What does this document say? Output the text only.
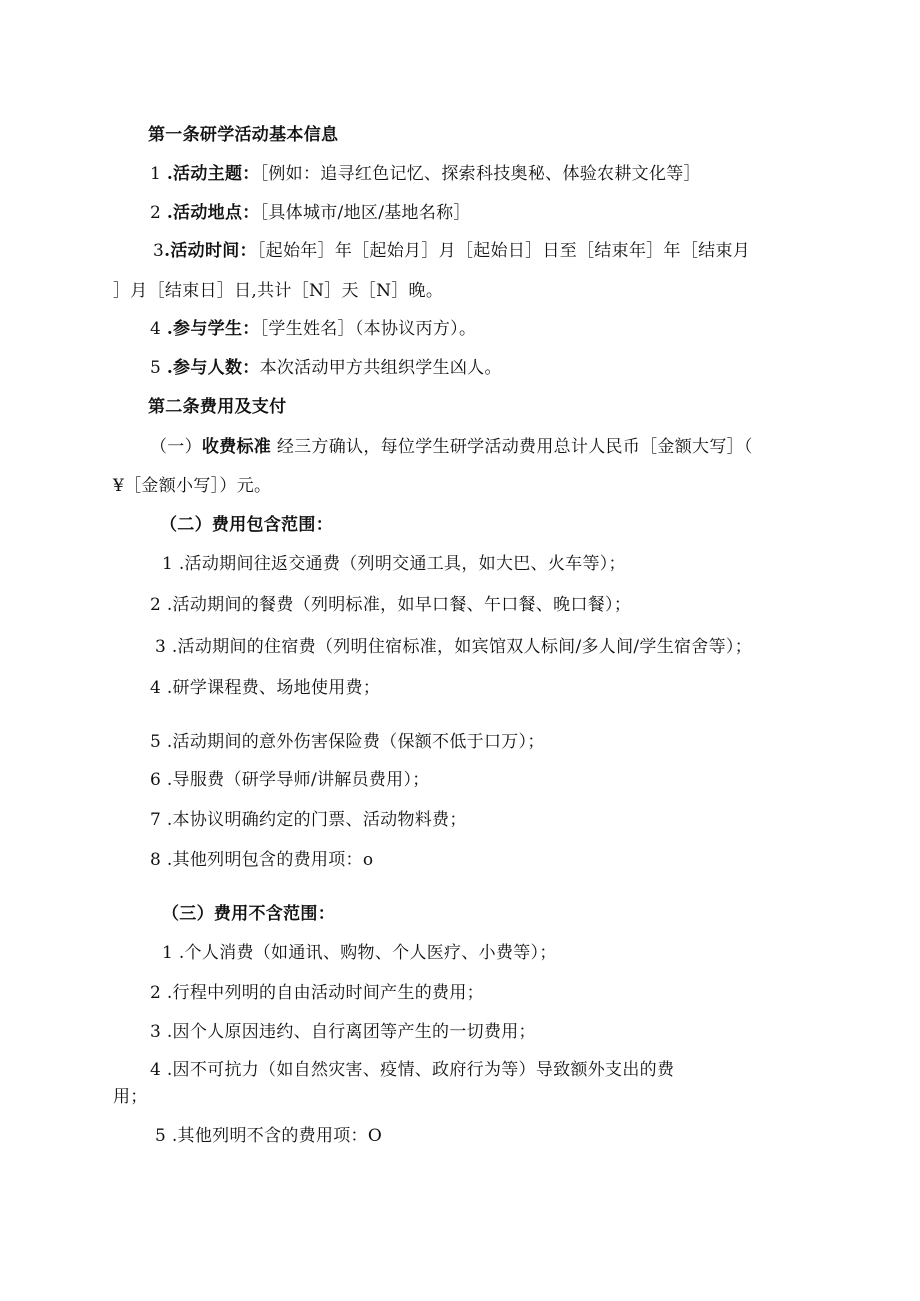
第一条研学活动基本信息
1 .活动主题：［例如：追寻红色记忆、探索科技奥秘、体验农耕文化等］
2 .活动地点：［具体城市/地区/基地名称］
3.活动时间：［起始年］年［起始月］月［起始日］日至［结束年］年［结束月
］月［结束日］日,共计［N］天［N］晚。
4 .参与学生：［学生姓名］（本协议丙方）。
5 .参与人数：本次活动甲方共组织学生凶人。
第二条费用及支付
（一）收费标准 经三方确认，每位学生研学活动费用总计人民币［金额大写］（
¥［金额小写］）元。
（二）费用包含范围：
1 .活动期间往返交通费（列明交通工具，如大巴、火车等）；
2 .活动期间的餐费（列明标准，如早口餐、午口餐、晚口餐）；
3 .活动期间的住宿费（列明住宿标准，如宾馆双人标间/多人间/学生宿舍等）；
4 .研学课程费、场地使用费；
5 .活动期间的意外伤害保险费（保额不低于口万）；
6 .导服费（研学导师/讲解员费用）；
7 .本协议明确约定的门票、活动物料费；
8 .其他列明包含的费用项：o
（三）费用不含范围：
1 .个人消费（如通讯、购物、个人医疗、小费等）；
2 .行程中列明的自由活动时间产生的费用；
3 .因个人原因违约、自行离团等产生的一切费用；
4 .因不可抗力（如自然灾害、疫情、政府行为等）导致额外支出的费
用；
5 .其他列明不含的费用项：O
